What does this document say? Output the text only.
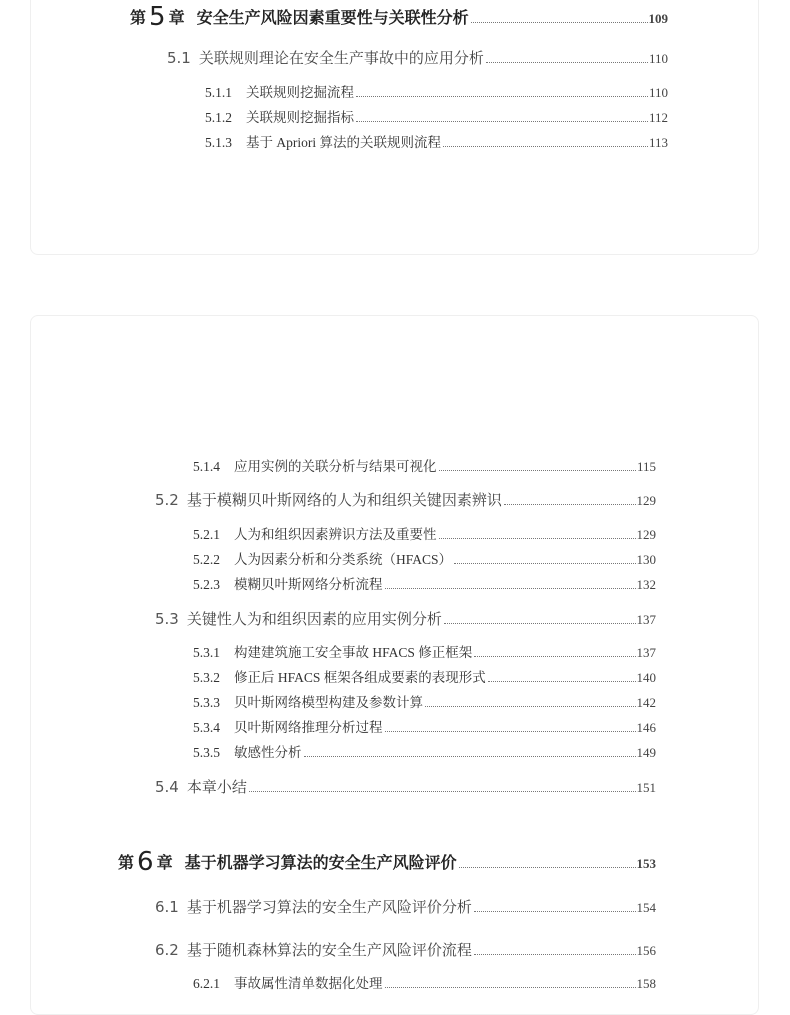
第 5 章 安全生产风险因素重要性与关联性分析	109
5.1 关联规则理论在安全生产事故中的应用分析	110
5.1.1 关联规则挖掘流程	110
5.1.2 关联规则挖掘指标	112
5.1.3 基于 Apriori 算法的关联规则流程	113
5.1.4 应用实例的关联分析与结果可视化	115
5.2 基于模糊贝叶斯网络的人为和组织关键因素辨识	129
5.2.1 人为和组织因素辨识方法及重要性	129
5.2.2 人为因素分析和分类系统（HFACS）	130
5.2.3 模糊贝叶斯网络分析流程	132
5.3 关键性人为和组织因素的应用实例分析	137
5.3.1 构建建筑施工安全事故 HFACS 修正框架	137
5.3.2 修正后 HFACS 框架各组成要素的表现形式	140
5.3.3 贝叶斯网络模型构建及参数计算	142
5.3.4 贝叶斯网络推理分析过程	146
5.3.5 敏感性分析	149
5.4 本章小结	151
第 6 章 基于机器学习算法的安全生产风险评价	153
6.1 基于机器学习算法的安全生产风险评价分析	154
6.2 基于随机森林算法的安全生产风险评价流程	156
6.2.1 事故属性清单数据化处理	158
